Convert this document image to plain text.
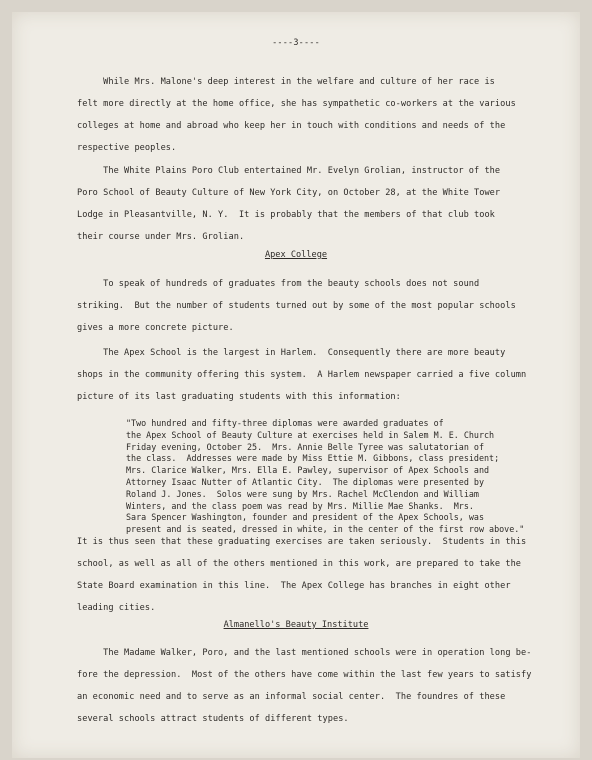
----3----
While Mrs. Malone's deep interest in the welfare and culture of her race is
felt more directly at the home office, she has sympathetic co-workers at the various
colleges at home and abroad who keep her in touch with conditions and needs of the
respective peoples.
The White Plains Poro Club entertained Mr. Evelyn Grolian, instructor of the
Poro School of Beauty Culture of New York City, on October 28, at the White Tower
Lodge in Pleasantville, N. Y.  It is probably that the members of that club took
their course under Mrs. Grolian.
Apex College
To speak of hundreds of graduates from the beauty schools does not sound
striking.  But the number of students turned out by some of the most popular schools
gives a more concrete picture.
The Apex School is the largest in Harlem.  Consequently there are more beauty
shops in the community offering this system.  A Harlem newspaper carried a five column
picture of its last graduating students with this information:
"Two hundred and fifty-three diplomas were awarded graduates of
the Apex School of Beauty Culture at exercises held in Salem M. E. Church
Friday evening, October 25.  Mrs. Annie Belle Tyree was salutatorian of
the class.  Addresses were made by Miss Ettie M. Gibbons, class president;
Mrs. Clarice Walker, Mrs. Ella E. Pawley, supervisor of Apex Schools and
Attorney Isaac Nutter of Atlantic City.  The diplomas were presented by
Roland J. Jones.  Solos were sung by Mrs. Rachel McClendon and William
Winters, and the class poem was read by Mrs. Millie Mae Shanks.  Mrs.
Sara Spencer Washington, founder and president of the Apex Schools, was
present and is seated, dressed in white, in the center of the first row above."
It is thus seen that these graduating exercises are taken seriously.  Students in this
school, as well as all of the others mentioned in this work, are prepared to take the
State Board examination in this line.  The Apex College has branches in eight other
leading cities.
Almanello's Beauty Institute
The Madame Walker, Poro, and the last mentioned schools were in operation long be-
fore the depression.  Most of the others have come within the last few years to satisfy
an economic need and to serve as an informal social center.  The foundres of these
several schools attract students of different types.
